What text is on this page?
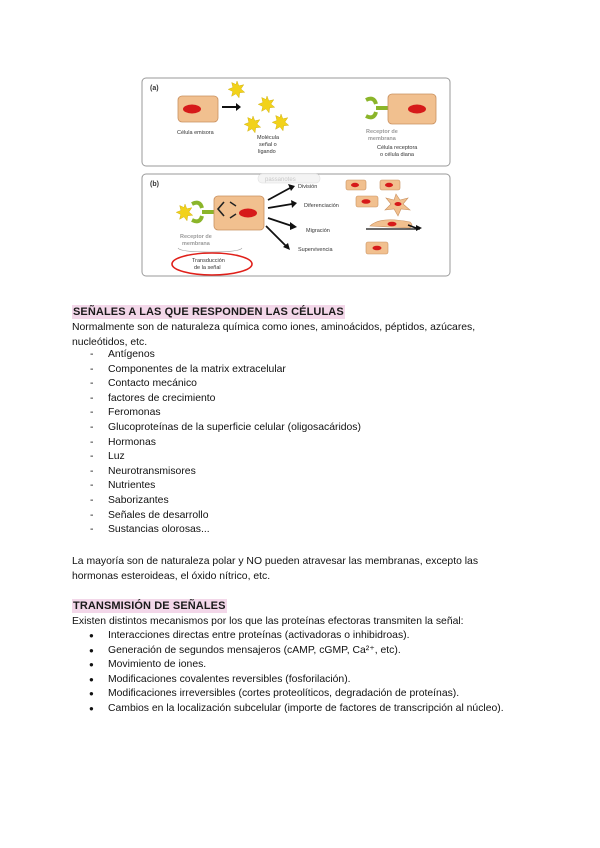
(a)
Célula emisora
Molécula
señal o
ligando
Receptor de
membrana
Célula receptora
o célula diana
(b)
passanotes
Receptor de
membrana
Transducción
de la señal
División
Diferenciación
Migración
Supervivencia
SEÑALES A LAS QUE RESPONDEN LAS CÉLULAS

Normalmente son de naturaleza química como iones, aminoácidos, péptidos, azúcares,
nucleótidos, etc.

- Antígenos
- Componentes de la matrix extracelular
- Contacto mecánico
- factores de crecimiento
- Feromonas
- Glucoproteínas de la superficie celular (oligosacáridos)
- Hormonas
- Luz
- Neurotransmisores
- Nutrientes
- Saborizantes
- Señales de desarrollo
- Sustancias olorosas...

La mayoría son de naturaleza polar y NO pueden atravesar las membranas, excepto las
hormonas esteroideas, el óxido nítrico, etc.

TRANSMISIÓN DE SEÑALES

Existen distintos mecanismos por los que las proteínas efectoras transmiten la señal:

● Interacciones directas entre proteínas (activadoras o inhibidroas).
● Generación de segundos mensajeros (cAMP, cGMP, Ca²⁺, etc).
● Movimiento de iones.
● Modificaciones covalentes reversibles (fosforilación).
● Modificaciones irreversibles (cortes proteolíticos, degradación de proteínas).
● Cambios en la localización subcelular (importe de factores de transcripción al núcleo).
